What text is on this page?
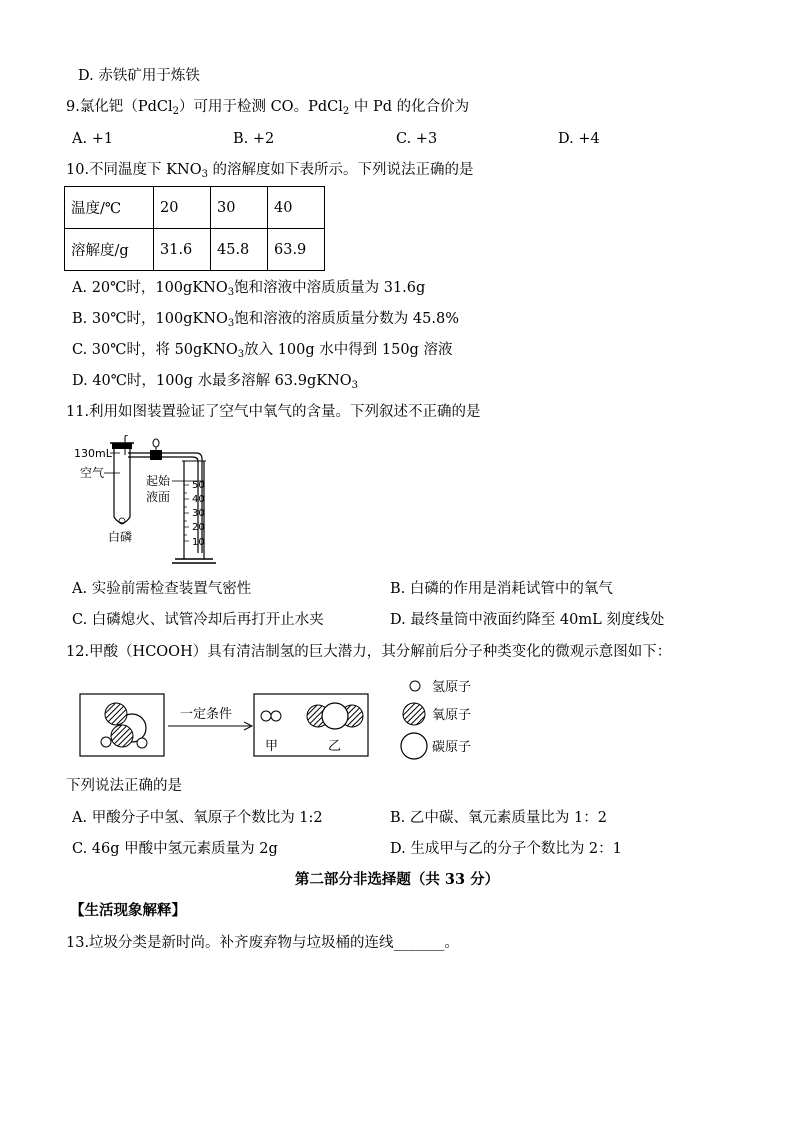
D. 赤铁矿用于炼铁
9.氯化钯（PdCl$_2$）可用于检测 CO。PdCl$_2$ 中 Pd 的化合价为
A. +1	B. +2	C. +3	D. +4
10.不同温度下 $KNO_3$ 的溶解度如下表所示。下列说法正确的是
温度/℃	20	30	40
溶解度/g	31.6	45.8	63.9
A. 20℃时，100gKNO$_3$饱和溶液中溶质质量为 31.6g
B. 30℃时，100gKNO$_3$饱和溶液的溶质质量分数为 45.8%
C. 30℃时，将 50gKNO$_3$放入 100g 水中得到 150g 溶液
D. 40℃时，100g 水最多溶解 63.9gKNO$_3$
11.利用如图装置验证了空气中氧气的含量。下列叙述不正确的是
50
40
30
20
10
130mL
空气
起始
液面
白磷
A. 实验前需检查装置气密性	B. 白磷的作用是消耗试管中的氧气
C. 白磷熄火、试管冷却后再打开止水夹	D. 最终量筒中液面约降至 40mL 刻度线处
12.甲酸（HCOOH）具有清洁制氢的巨大潜力，其分解前后分子种类变化的微观示意图如下：
一定条件
甲	乙
氢原子
氧原子
碳原子
下列说法正确的是
A. 甲酸分子中氢、氧原子个数比为 1:2	B. 乙中碳、氧元素质量比为 1：2
C. 46g 甲酸中氢元素质量为 2g	D. 生成甲与乙的分子个数比为 2：1
第二部分非选择题（共 33 分）
【生活现象解释】
13.垃圾分类是新时尚。补齐废弃物与垃圾桶的连线_______。
